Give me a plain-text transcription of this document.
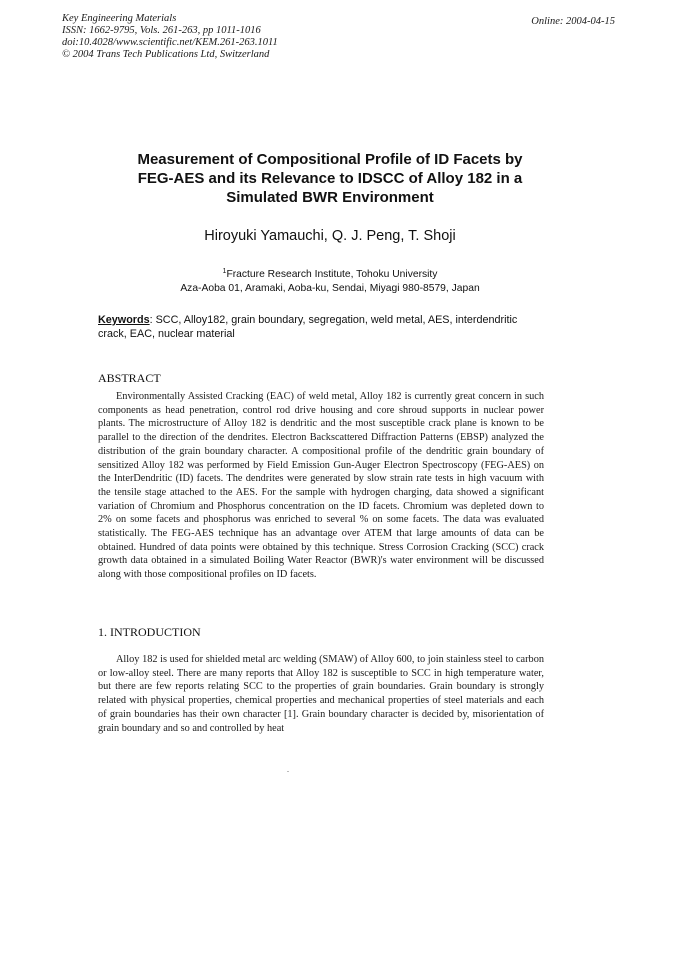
Key Engineering Materials
ISSN: 1662-9795, Vols. 261-263, pp 1011-1016
doi:10.4028/www.scientific.net/KEM.261-263.1011
© 2004 Trans Tech Publications Ltd, Switzerland
Online: 2004-04-15
Measurement of Compositional Profile of ID Facets by
FEG-AES and its Relevance to IDSCC of Alloy 182 in a
Simulated BWR Environment
Hiroyuki Yamauchi, Q. J. Peng, T. Shoji
$^1$Fracture Research Institute, Tohoku University
Aza-Aoba 01, Aramaki, Aoba-ku, Sendai, Miyagi 980-8579, Japan
Keywords: SCC, Alloy182, grain boundary, segregation, weld metal, AES, interdendritic crack, EAC, nuclear material
ABSTRACT

Environmentally Assisted Cracking (EAC) of weld metal, Alloy 182 is currently great concern in such components as head penetration, control rod drive housing and core shroud supports in nuclear power plants. The microstructure of Alloy 182 is dendritic and the most susceptible crack plane is known to be parallel to the direction of the dendrites. Electron Backscattered Diffraction Patterns (EBSP) analyzed the distribution of the grain boundary character. A compositional profile of the dendritic grain boundary of sensitized Alloy 182 was performed by Field Emission Gun-Auger Electron Spectroscopy (FEG-AES) on the InterDendritic (ID) facets. The dendrites were generated by slow strain rate tests in high vacuum with the tensile stage attached to the AES. For the sample with hydrogen charging, data showed a significant variation of Chromium and Phosphorus concentration on the ID facets. Chromium was depleted down to 2% on some facets and phosphorus was enriched to several % on some facets. The data was evaluated statistically. The FEG-AES technique has an advantage over ATEM that large amounts of data can be obtained. Hundred of data points were obtained by this technique. Stress Corrosion Cracking (SCC) crack growth data obtained in a simulated Boiling Water Reactor (BWR)'s water environment will be discussed along with those compositional profiles on ID facets.

1. INTRODUCTION

Alloy 182 is used for shielded metal arc welding (SMAW) of Alloy 600, to join stainless steel to carbon or low-alloy steel. There are many reports that Alloy 182 is susceptible to SCC in high temperature water, but there are few reports relating SCC to the properties of grain boundaries. Grain boundary is strongly related with physical properties, chemical properties and mechanical properties of steel materials and each of grain boundaries has their own character [1]. Grain boundary character is decided by, misorientation of grain boundary and so and controlled by heat
